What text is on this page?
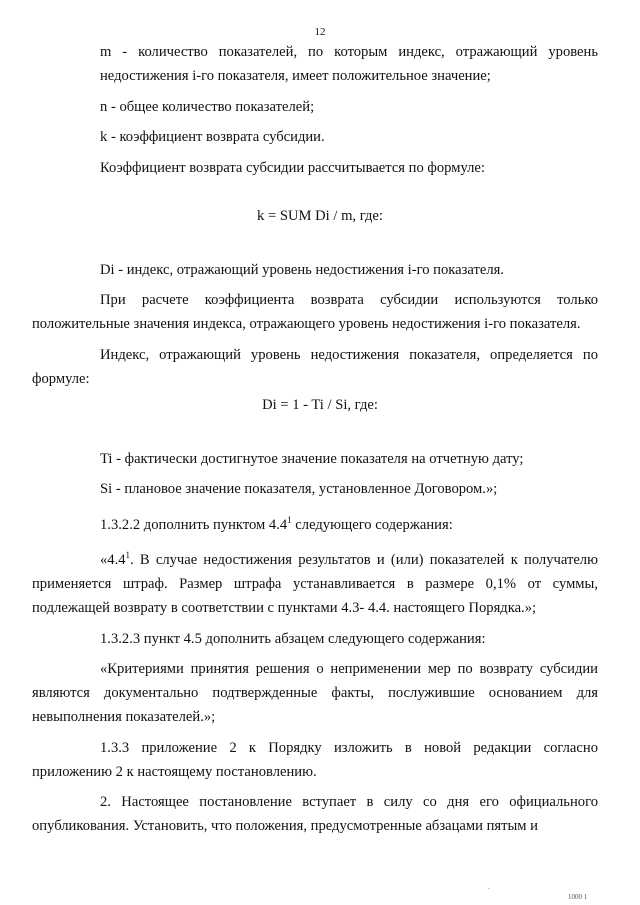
12

m - количество показателей, по которым индекс, отражающий уровень недостижения i-го показателя, имеет положительное значение;

n - общее количество показателей;

k - коэффициент возврата субсидии.

Коэффициент возврата субсидии рассчитывается по формуле:

k = SUM Di / m, где:

Di - индекс, отражающий уровень недостижения i-го показателя.

При расчете коэффициента возврата субсидии используются только положительные значения индекса, отражающего уровень недостижения i-го показателя.

Индекс, отражающий уровень недостижения показателя, определяется по формуле:

Di = 1 - Ti / Si, где:

Ti - фактически достигнутое значение показателя на отчетную дату;

Si - плановое значение показателя, установленное Договором.»;

1.3.2.2 дополнить пунктом $4.4^1$ следующего содержания:

«$4.4^1$. В случае недостижения результатов и (или) показателей к получателю применяется штраф. Размер штрафа устанавливается в размере 0,1% от суммы, подлежащей возврату в соответствии с пунктами 4.3- 4.4. настоящего Порядка.»;

1.3.2.3 пункт 4.5 дополнить абзацем следующего содержания:

«Критериями принятия решения о неприменении мер по возврату субсидии являются документально подтвержденные факты, послужившие основанием для невыполнения показателей.»;

1.3.3 приложение 2 к Порядку изложить в новой редакции согласно приложению 2 к настоящему постановлению.

2. Настоящее постановление вступает в силу со дня его официального опубликования. Установить, что положения, предусмотренные абзацами пятым и

.
1000 1
